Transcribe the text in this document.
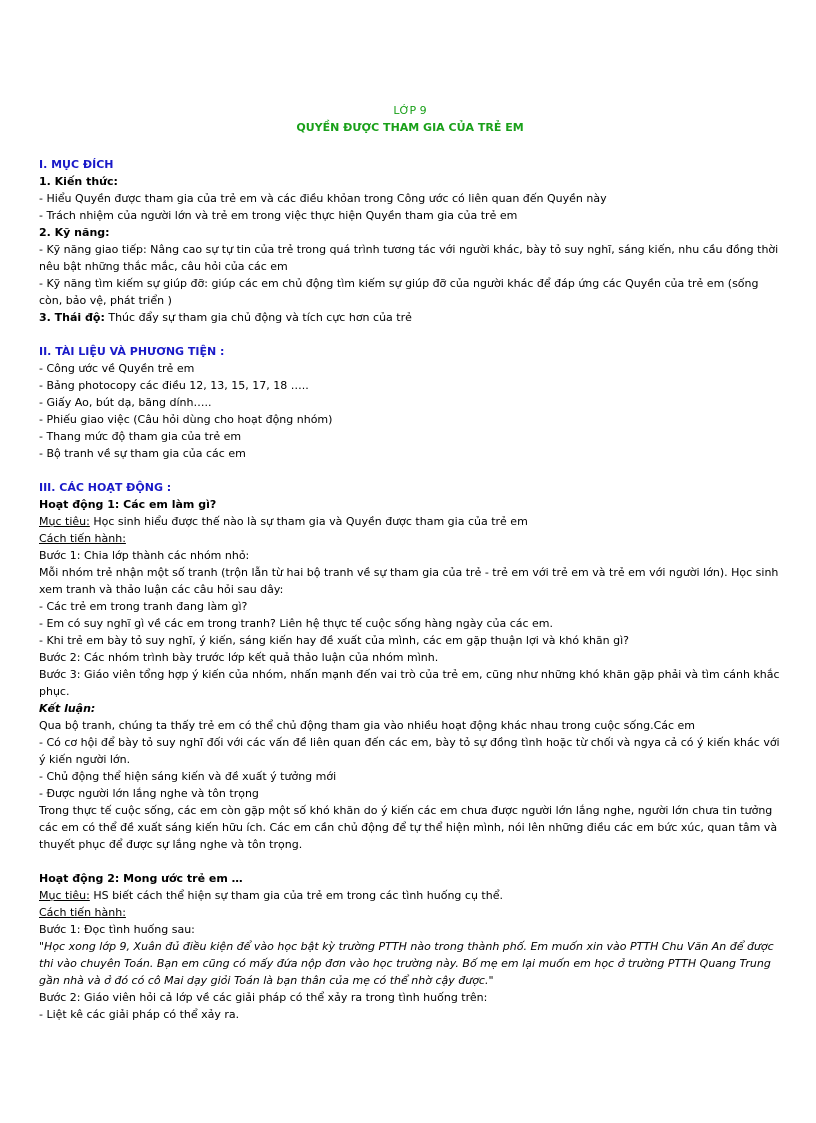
LỚP 9

QUYỀN ĐƯỢC THAM GIA CỦA TRẺ EM

I. MỤC ĐÍCH

1. Kiến thức:

- Hiểu Quyền được tham gia của trẻ em và các điều khỏan trong Công ước có liên quan đến Quyền này

- Trách nhiệm của người lớn và trẻ em trong việc thực hiện Quyền tham gia của trẻ em

2. Kỹ năng:

- Kỹ năng giao tiếp: Nâng cao sự tự tin của trẻ trong quá trình tương tác với người khác, bày tỏ suy nghĩ, sáng kiến, nhu cầu đồng thời nêu bật những thắc mắc, câu hỏi của các em

- Kỹ năng tìm kiếm sự giúp đỡ: giúp các em chủ động tìm kiếm sự giúp đỡ của người khác để đáp ứng các Quyền của trẻ em (sống còn, bảo vệ, phát triển )

3. Thái độ: Thúc đẩy sự tham gia chủ động và tích cực hơn của trẻ

II. TÀI LIỆU VÀ PHƯƠNG TIỆN :

- Công ước về Quyền trẻ em

- Bảng photocopy các điều 12, 13, 15, 17, 18 …..

- Giấy Ao, bút dạ, băng dính…..

- Phiếu giao việc (Câu hỏi dùng cho hoạt động nhóm)

- Thang mức độ tham gia của trẻ em

- Bộ tranh về sự tham gia của các em

III. CÁC HOẠT ĐỘNG :

Hoạt động 1: Các em làm gì?

Mục tiêu: Học sinh hiểu được thế nào là sự tham gia và Quyền được tham gia của trẻ em

Cách tiến hành:

Bước 1: Chia lớp thành các nhóm nhỏ:

Mỗi nhóm trẻ nhận một số tranh (trộn lẫn từ hai bộ tranh về sự tham gia của trẻ - trẻ em với trẻ em và trẻ em với người lớn). Học sinh xem tranh và thảo luận các câu hỏi sau dây:

- Các trẻ em trong tranh đang làm gì?

- Em có suy nghĩ gì về các em trong tranh? Liên hệ thực tế cuộc sống hàng ngày của các em.

- Khi trẻ em bày tỏ suy nghĩ, ý kiến, sáng kiến hay đề xuất của mình, các em gặp thuận lợi và khó khăn gì?

Bước 2: Các nhóm trình bày trước lớp kết quả thảo luận của nhóm mình.

Bước 3: Giáo viên tổng hợp ý kiến của nhóm, nhấn mạnh đến vai trò của trẻ em, cũng như những khó khăn gặp phải và tìm cánh khắc phục.

Kết luận:

Qua bộ tranh, chúng ta thấy trẻ em có thể chủ động tham gia vào nhiều hoạt động khác nhau trong cuộc sống.Các em

- Có cơ hội để bày tỏ suy nghĩ đối với các vấn đề liên quan đến các em, bày tỏ sự đồng tình hoặc từ chối và ngya cả có ý kiến khác với ý kiến người lớn.

- Chủ động thể hiện sáng kiến và đề xuất ý tưởng mới

- Được người lớn lắng nghe và tôn trọng

Trong thực tế cuộc sống, các em còn gặp một số khó khăn do ý kiến các em chưa được người lớn lắng nghe, người lớn chưa tin tưởng các em có thể đề xuất sáng kiến hữu ích. Các em cần chủ động để tự thể hiện mình, nói lên những điều các em bức xúc, quan tâm và thuyết phục để được sự lắng nghe và tôn trọng.

Hoạt động 2: Mong ước trẻ em …

Mục tiêu: HS biết cách thể hiện sự tham gia của trẻ em trong các tình huống cụ thể.

Cách tiến hành:

Bước 1: Đọc tình huống sau:

"Học xong lớp 9, Xuân đủ điều kiện để vào học bật kỳ trường PTTH nào trong thành phố. Em muốn xin vào PTTH Chu Văn An để được thi vào chuyên Toán. Bạn em cũng có mấy đứa nộp đơn vào học trường này. Bố mẹ em lại muốn em học ở trường PTTH Quang Trung gần nhà và ở đó có cô Mai dạy giỏi Toán là bạn thân của mẹ có thể nhờ cậy được."

Bước 2: Giáo viên hỏi cả lớp về các giải pháp có thể xảy ra trong tình huống trên:

- Liệt kê các giải pháp có thể xảy ra.
